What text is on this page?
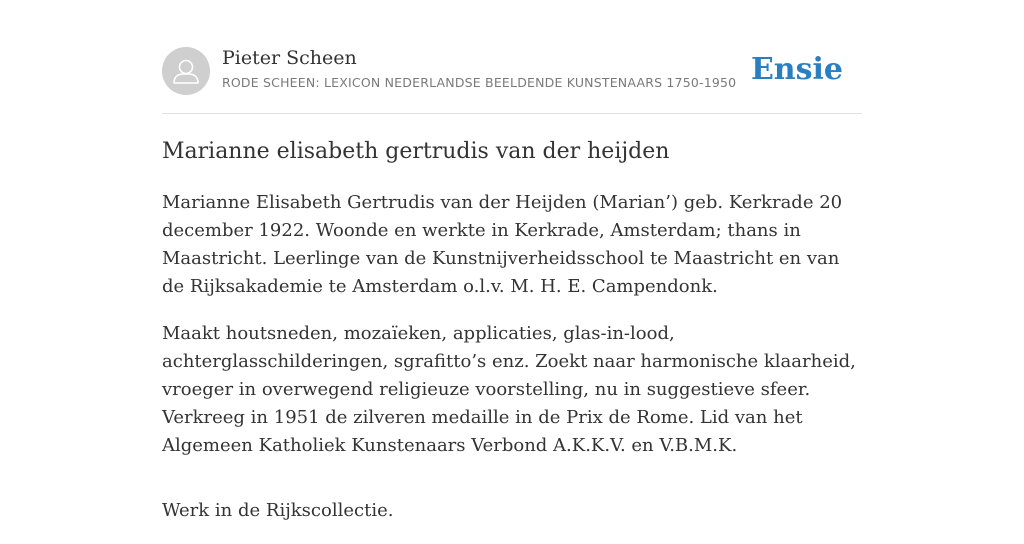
Pieter Scheen
RODE SCHEEN: LEXICON NEDERLANDSE BEELDENDE KUNSTENAARS 1750-1950 Ensie
Marianne elisabeth gertrudis van der heijden

Marianne Elisabeth Gertrudis van der Heijden (Marian’) geb. Kerkrade 20 december 1922. Woonde en werkte in Kerkrade, Amsterdam; thans in Maastricht. Leerlinge van de Kunstnijverheidsschool te Maastricht en van de Rijksakademie te Amsterdam o.l.v. M. H. E. Campendonk.

Maakt houtsneden, mozaïeken, applicaties, glas-in-lood, achterglasschilderingen, sgrafitto’s enz. Zoekt naar harmonische klaarheid, vroeger in overwegend religieuze voorstelling, nu in suggestieve sfeer. Verkreeg in 1951 de zilveren medaille in de Prix de Rome. Lid van het Algemeen Katholiek Kunstenaars Verbond A.K.K.V. en V.B.M.K.

Werk in de Rijkscollectie.
